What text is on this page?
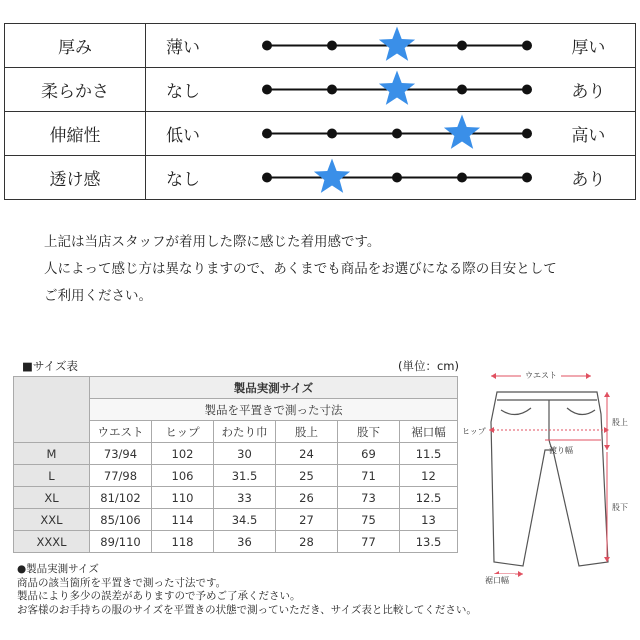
厚み	薄い		厚い
柔らかさ	なし		あり
伸縮性	低い		高い
透け感	なし		あり
上記は当店スタッフが着用した際に感じた着用感です。
人によって感じ方は異なりますので、あくまでも商品をお選びになる際の目安として
ご利用ください。
■サイズ表	(単位：cm)
	製品実測サイズ					
	製品を平置きで測った寸法					
	ウエスト	ヒップ	わたり巾	股上	股下	裾口幅
M	73/94	102	30	24	69	11.5
L	77/98	106	31.5	25	71	12
XL	81/102	110	33	26	73	12.5
XXL	85/106	114	34.5	27	75	13
XXXL	89/110	118	36	28	77	13.5
●製品実測サイズ
商品の該当箇所を平置きで測った寸法です。
製品により多少の誤差がありますので予めご了承ください。
お客様のお手持ちの服のサイズを平置きの状態で測っていただき、サイズ表と比較してください。
ウエスト
ヒップ
渡り幅
股上
股下
裾口幅
